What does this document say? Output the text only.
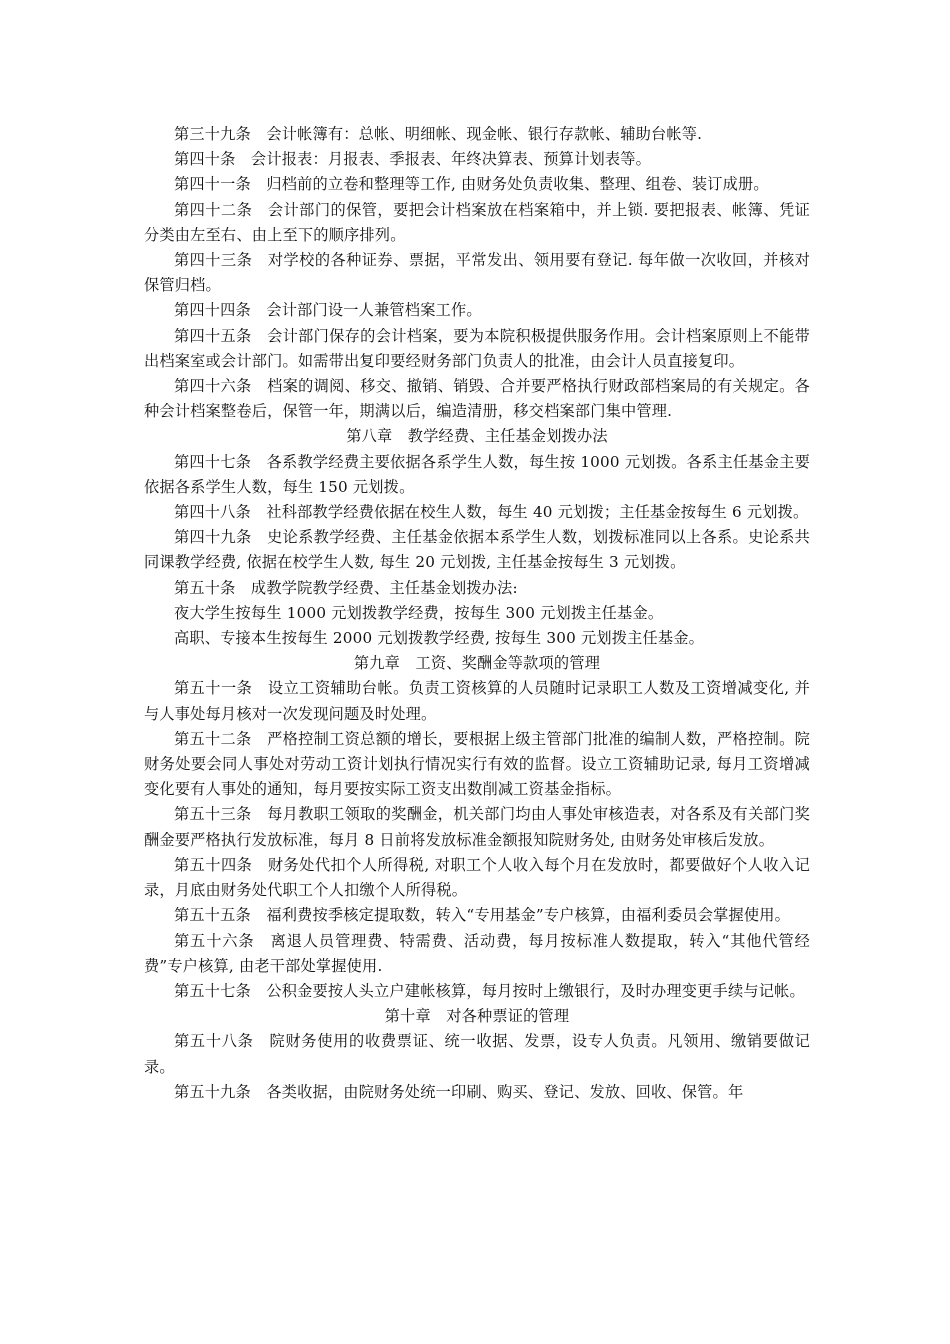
第三十九条　会计帐簿有：总帐、明细帐、现金帐、银行存款帐、辅助台帐等.

第四十条　会计报表：月报表、季报表、年终决算表、预算计划表等。

第四十一条　归档前的立卷和整理等工作, 由财务处负责收集、整理、组卷、装订成册。

第四十二条　会计部门的保管，要把会计档案放在档案箱中，并上锁. 要把报表、帐簿、凭证分类由左至右、由上至下的顺序排列。

第四十三条　对学校的各种证券、票据，平常发出、领用要有登记. 每年做一次收回，并核对保管归档。

第四十四条　会计部门设一人兼管档案工作。

第四十五条　会计部门保存的会计档案，要为本院积极提供服务作用。会计档案原则上不能带出档案室或会计部门。如需带出复印要经财务部门负责人的批准，由会计人员直接复印。

第四十六条　档案的调阅、移交、撤销、销毁、合并要严格执行财政部档案局的有关规定。各种会计档案整卷后，保管一年，期满以后，编造清册，移交档案部门集中管理.

第八章　教学经费、主任基金划拨办法

第四十七条　各系教学经费主要依据各系学生人数，每生按 1000 元划拨。各系主任基金主要依据各系学生人数，每生 150 元划拨。

第四十八条　社科部教学经费依据在校生人数，每生 40 元划拨；主任基金按每生 6 元划拨。

第四十九条　史论系教学经费、主任基金依据本系学生人数，划拨标准同以上各系。史论系共同课教学经费, 依据在校学生人数, 每生 20 元划拨, 主任基金按每生 3 元划拨。

第五十条　成教学院教学经费、主任基金划拨办法:

夜大学生按每生 1000 元划拨教学经费，按每生 300 元划拨主任基金。

高职、专接本生按每生 2000 元划拨教学经费, 按每生 300 元划拨主任基金。

第九章　工资、奖酬金等款项的管理

第五十一条　设立工资辅助台帐。负责工资核算的人员随时记录职工人数及工资增减变化, 并与人事处每月核对一次发现问题及时处理。

第五十二条　严格控制工资总额的增长，要根据上级主管部门批准的编制人数，严格控制。院财务处要会同人事处对劳动工资计划执行情况实行有效的监督。设立工资辅助记录, 每月工资增减变化要有人事处的通知，每月要按实际工资支出数削减工资基金指标。

第五十三条　每月教职工领取的奖酬金，机关部门均由人事处审核造表，对各系及有关部门奖酬金要严格执行发放标准，每月 8 日前将发放标准金额报知院财务处, 由财务处审核后发放。

第五十四条　财务处代扣个人所得税, 对职工个人收入每个月在发放时，都要做好个人收入记录，月底由财务处代职工个人扣缴个人所得税。

第五十五条　福利费按季核定提取数，转入“专用基金”专户核算，由福利委员会掌握使用。

第五十六条　离退人员管理费、特需费、活动费，每月按标准人数提取，转入“其他代管经费”专户核算, 由老干部处掌握使用.

第五十七条　公积金要按人头立户建帐核算，每月按时上缴银行，及时办理变更手续与记帐。

第十章　对各种票证的管理

第五十八条　院财务使用的收费票证、统一收据、发票，设专人负责。凡领用、缴销要做记录。

第五十九条　各类收据，由院财务处统一印刷、购买、登记、发放、回收、保管。年
